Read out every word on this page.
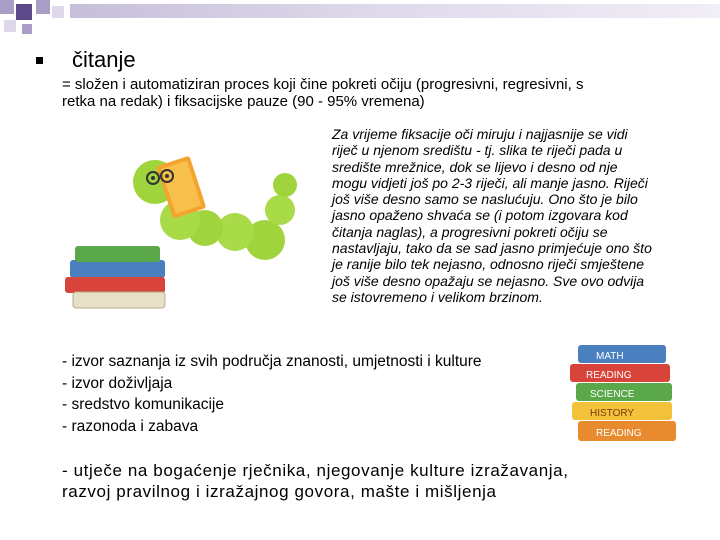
čitanje
= složen i automatiziran proces koji čine pokreti očiju (progresivni, regresivni, s
retka na redak) i fiksacijske pauze (90 - 95% vremena)
Za vrijeme fiksacije oči miruju i najjasnije se vidi
riječ u njenom središtu - tj. slika te riječi pada u
središte mrežnice, dok se lijevo i desno od nje
mogu vidjeti još po 2-3 riječi, ali manje jasno. Riječi
još više desno samo se naslućuju. Ono što je bilo
jasno opaženo shvaća se (i potom izgovara kod
čitanja naglas), a progresivni pokreti očiju se
nastavljaju, tako da se sad jasno primjećuje ono što
je ranije bilo tek nejasno, odnosno riječi smještene
još više desno opažaju se nejasno. Sve ovo odvija
se istovremeno i velikom brzinom.
- izvor saznanja iz svih područja znanosti, umjetnosti i kulture
- izvor doživljaja
- sredstvo komunikacije
- razonoda i zabava
MATH
READING
SCIENCE
HISTORY
READING
- utječe na bogaćenje rječnika, njegovanje kulture izražavanja,
razvoj pravilnog i izražajnog govora, mašte i mišljenja
